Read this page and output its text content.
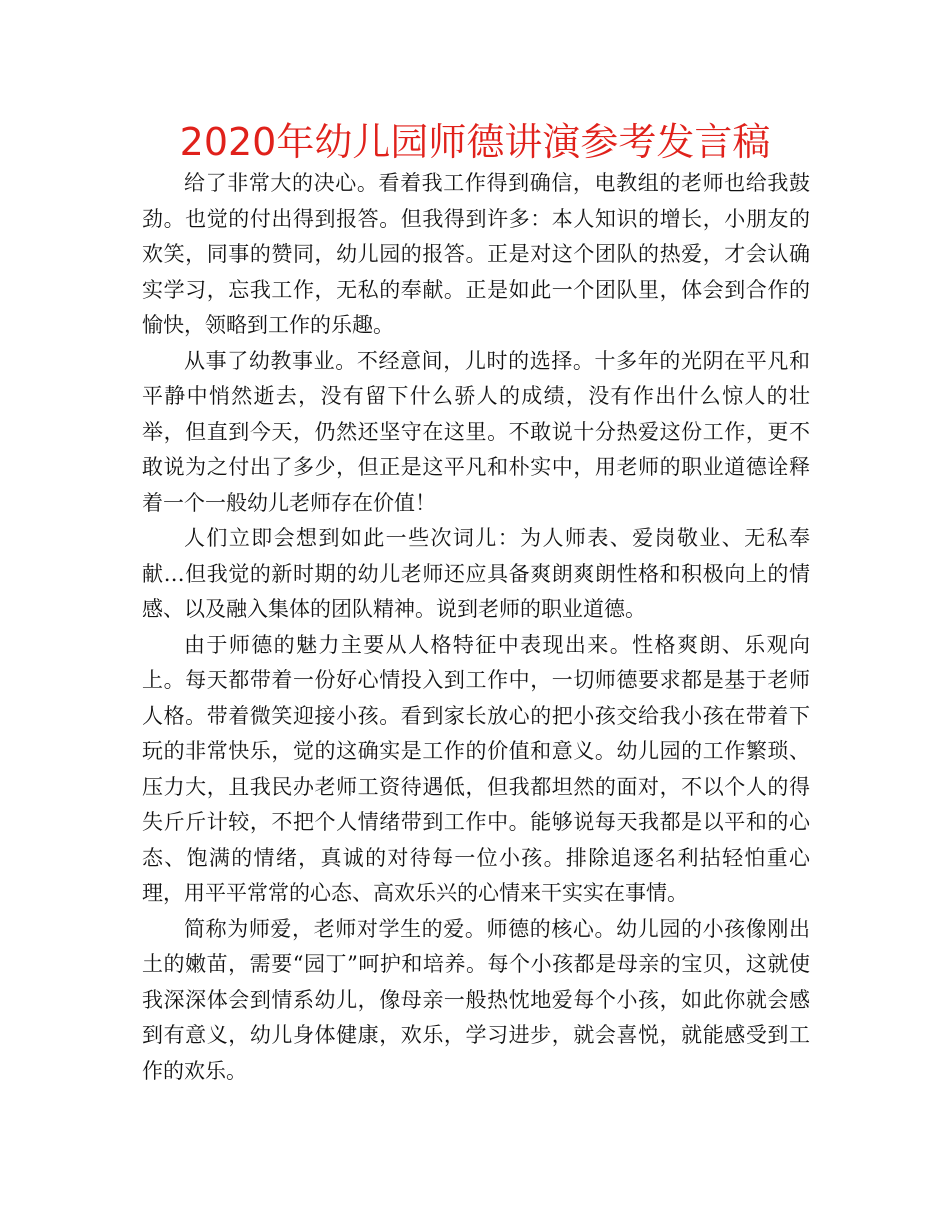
2020年幼儿园师德讲演参考发言稿

给了非常大的决心。看着我工作得到确信，电教组的老师也给我鼓劲。也觉的付出得到报答。但我得到许多：本人知识的增长，小朋友的欢笑，同事的赞同，幼儿园的报答。正是对这个团队的热爱，才会认确实学习，忘我工作，无私的奉献。正是如此一个团队里，体会到合作的愉快，领略到工作的乐趣。

从事了幼教事业。不经意间，儿时的选择。十多年的光阴在平凡和平静中悄然逝去，没有留下什么骄人的成绩，没有作出什么惊人的壮举，但直到今天，仍然还坚守在这里。不敢说十分热爱这份工作，更不敢说为之付出了多少，但正是这平凡和朴实中，用老师的职业道德诠释着一个一般幼儿老师存在价值！

人们立即会想到如此一些次词儿：为人师表、爱岗敬业、无私奉献…但我觉的新时期的幼儿老师还应具备爽朗爽朗性格和积极向上的情感、以及融入集体的团队精神。说到老师的职业道德。

由于师德的魅力主要从人格特征中表现出来。性格爽朗、乐观向上。每天都带着一份好心情投入到工作中，一切师德要求都是基于老师人格。带着微笑迎接小孩。看到家长放心的把小孩交给我小孩在带着下玩的非常快乐，觉的这确实是工作的价值和意义。幼儿园的工作繁琐、压力大，且我民办老师工资待遇低，但我都坦然的面对，不以个人的得失斤斤计较，不把个人情绪带到工作中。能够说每天我都是以平和的心态、饱满的情绪，真诚的对待每一位小孩。排除追逐名利拈轻怕重心理，用平平常常的心态、高欢乐兴的心情来干实实在事情。

简称为师爱，老师对学生的爱。师德的核心。幼儿园的小孩像刚出土的嫩苗，需要“园丁”呵护和培养。每个小孩都是母亲的宝贝，这就使我深深体会到情系幼儿，像母亲一般热忱地爱每个小孩，如此你就会感到有意义，幼儿身体健康，欢乐，学习进步，就会喜悦，就能感受到工作的欢乐。
